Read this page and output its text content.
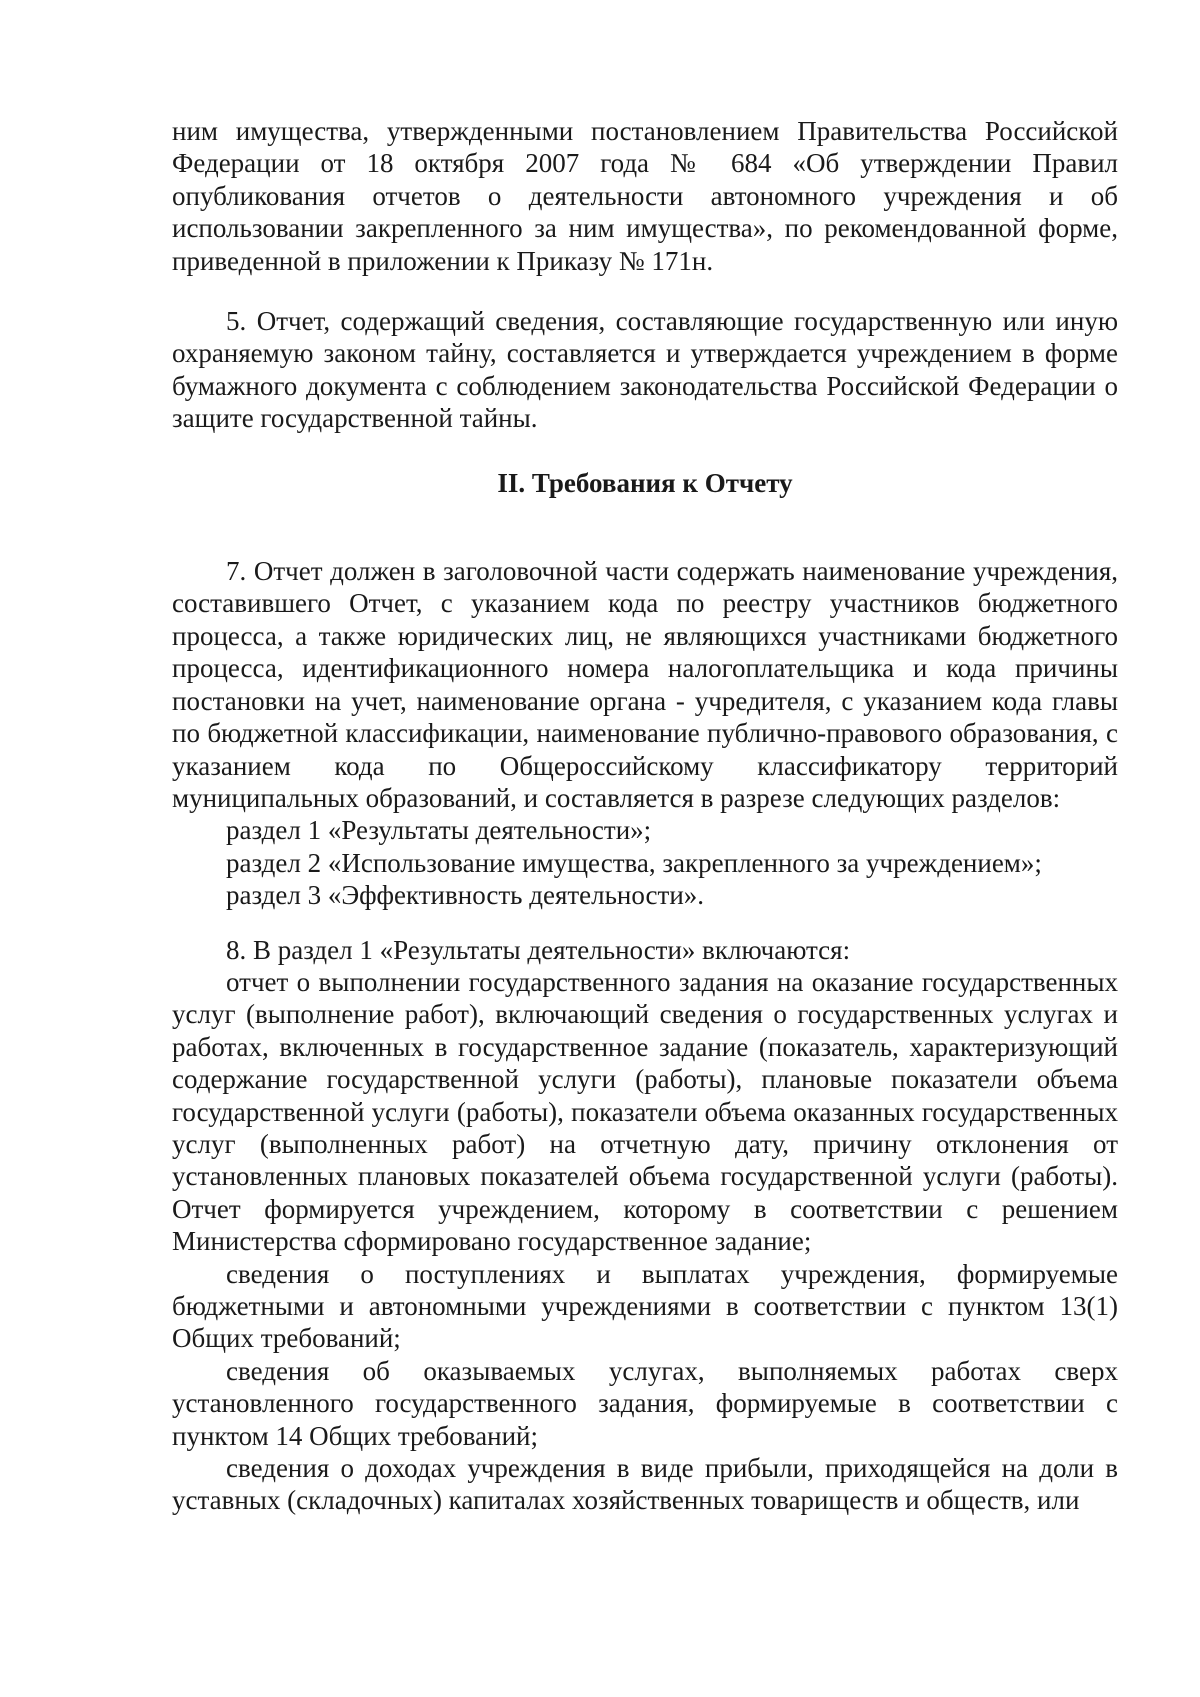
ним имущества, утвержденными постановлением Правительства Российской Федерации от 18 октября 2007 года № 684 «Об утверждении Правил опубликования отчетов о деятельности автономного учреждения и об использовании закрепленного за ним имущества», по рекомендованной форме, приведенной в приложении к Приказу № 171н.

5. Отчет, содержащий сведения, составляющие государственную или иную охраняемую законом тайну, составляется и утверждается учреждением в форме бумажного документа с соблюдением законодательства Российской Федерации о защите государственной тайны.

II. Требования к Отчету

7. Отчет должен в заголовочной части содержать наименование учреждения, составившего Отчет, с указанием кода по реестру участников бюджетного процесса, а также юридических лиц, не являющихся участниками бюджетного процесса, идентификационного номера налогоплательщика и кода причины постановки на учет, наименование органа - учредителя, с указанием кода главы по бюджетной классификации, наименование публично-правового образования, с указанием кода по Общероссийскому классификатору территорий муниципальных образований, и составляется в разрезе следующих разделов:

раздел 1 «Результаты деятельности»;

раздел 2 «Использование имущества, закрепленного за учреждением»;

раздел 3 «Эффективность деятельности».

8. В раздел 1 «Результаты деятельности» включаются:

отчет о выполнении государственного задания на оказание государственных услуг (выполнение работ), включающий сведения о государственных услугах и работах, включенных в государственное задание (показатель, характеризующий содержание государственной услуги (работы), плановые показатели объема государственной услуги (работы), показатели объема оказанных государственных услуг (выполненных работ) на отчетную дату, причину отклонения от установленных плановых показателей объема государственной услуги (работы). Отчет формируется учреждением, которому в соответствии с решением Министерства сформировано государственное задание;

сведения о поступлениях и выплатах учреждения, формируемые бюджетными и автономными учреждениями в соответствии с пунктом 13(1) Общих требований;

сведения об оказываемых услугах, выполняемых работах сверх установленного государственного задания, формируемые в соответствии с пунктом 14 Общих требований;

сведения о доходах учреждения в виде прибыли, приходящейся на доли в уставных (складочных) капиталах хозяйственных товариществ и обществ, или
